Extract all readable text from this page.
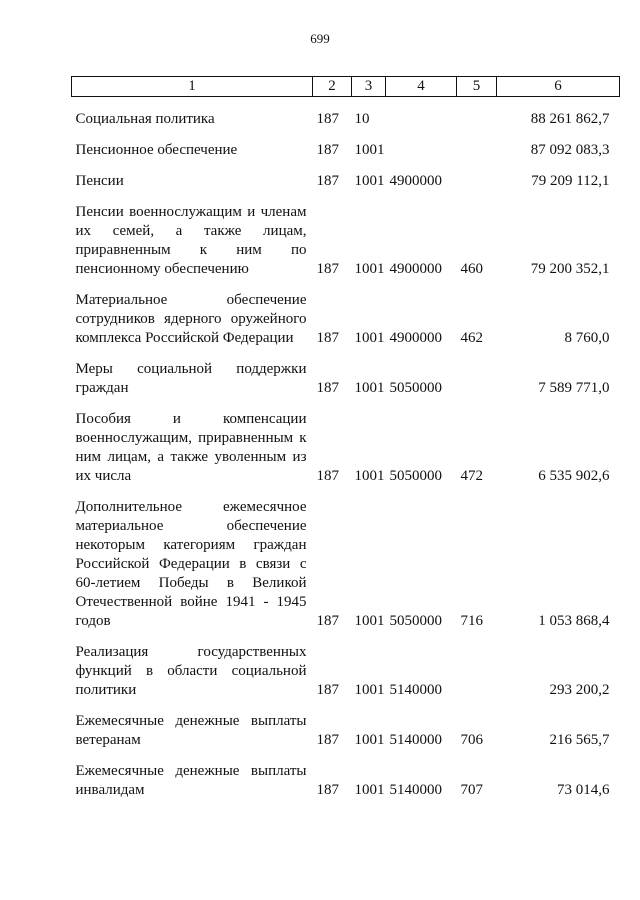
699
1	2	3	4	5	6
Социальная политика	187	10			88 261 862,7
Пенсионное обеспечение	187	1001			87 092 083,3
Пенсии	187	1001	4900000		79 209 112,1
Пенсии военнослужащим и членам их семей, а также лицам, приравненным к ним по пенсионному обеспечению	187	1001	4900000	460	79 200 352,1
Материальное обеспечение сотрудников ядерного оружейного комплекса Российской Федерации	187	1001	4900000	462	8 760,0
Меры социальной поддержки граждан	187	1001	5050000		7 589 771,0
Пособия и компенсации военнослужащим, приравненным к ним лицам, а также уволенным из их числа	187	1001	5050000	472	6 535 902,6
Дополнительное ежемесячное материальное обеспечение некоторым категориям граждан Российской Федерации в связи с 60-летием Победы в Великой Отечественной войне 1941 - 1945 годов	187	1001	5050000	716	1 053 868,4
Реализация государственных функций в области социальной политики	187	1001	5140000		293 200,2
Ежемесячные денежные выплаты ветеранам	187	1001	5140000	706	216 565,7
Ежемесячные денежные выплаты инвалидам	187	1001	5140000	707	73 014,6
